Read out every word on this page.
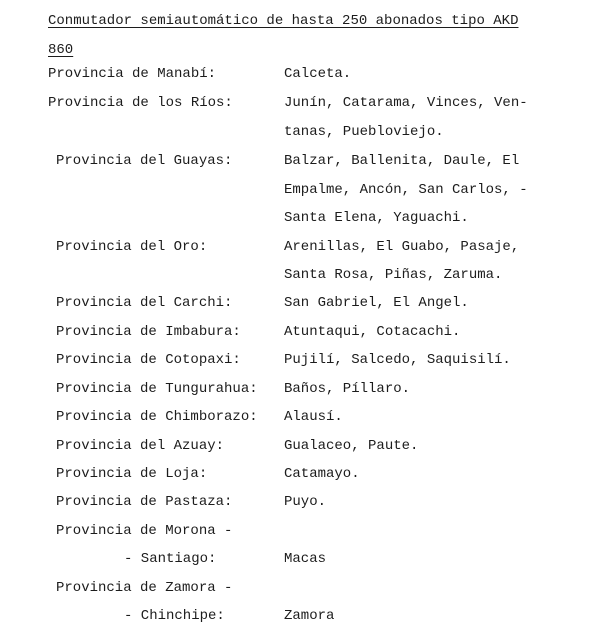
Conmutador semiautomático de hasta 250 abonados tipo AKD
860
Provincia de Manabí:	Calceta.
Provincia de los Ríos:	Junín, Catarama, Vinces, Ven-
tanas, Puebloviejo.
Provincia del Guayas:	Balzar, Ballenita, Daule, El
Empalme, Ancón, San Carlos, -
Santa Elena, Yaguachi.
Provincia del Oro:	Arenillas, El Guabo, Pasaje,
Santa Rosa, Piñas, Zaruma.
Provincia del Carchi:	San Gabriel, El Angel.
Provincia de Imbabura:	Atuntaqui, Cotacachi.
Provincia de Cotopaxi:	Pujilí, Salcedo, Saquisilí.
Provincia de Tungurahua: Baños, Píllaro.
Provincia de Chimborazo: Alausí.
Provincia del Azuay:	Gualaceo, Paute.
Provincia de Loja:	Catamayo.
Provincia de Pastaza:	Puyo.
Provincia de Morona -
- Santiago:	Macas
Provincia de Zamora -
- Chinchipe:	Zamora
